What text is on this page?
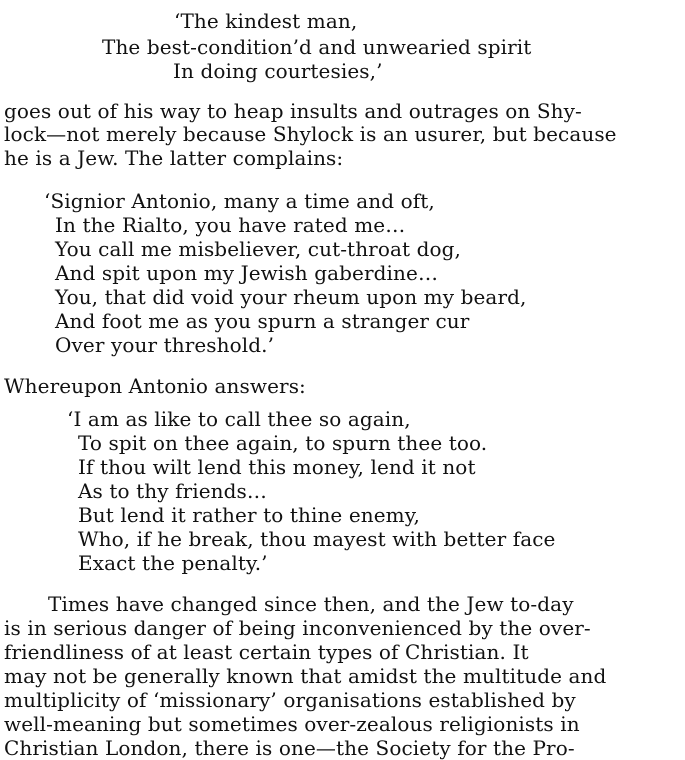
‘The kindest man,
The best-condition’d and unwearied spirit
In doing courtesies,’
goes out of his way to heap insults and outrages on Shy-
lock—not merely because Shylock is an usurer, but because
he is a Jew. The latter complains:
‘Signior Antonio, many a time and oft,
In the Rialto, you have rated me…
You call me misbeliever, cut-throat dog,
And spit upon my Jewish gaberdine…
You, that did void your rheum upon my beard,
And foot me as you spurn a stranger cur
Over your threshold.’
Whereupon Antonio answers:
‘I am as like to call thee so again,
To spit on thee again, to spurn thee too.
If thou wilt lend this money, lend it not
As to thy friends…
But lend it rather to thine enemy,
Who, if he break, thou mayest with better face
Exact the penalty.’
Times have changed since then, and the Jew to-day
is in serious danger of being inconvenienced by the over-
friendliness of at least certain types of Christian. It
may not be generally known that amidst the multitude and
multiplicity of ‘missionary’ organisations established by
well-meaning but sometimes over-zealous religionists in
Christian London, there is one—the Society for the Pro-
